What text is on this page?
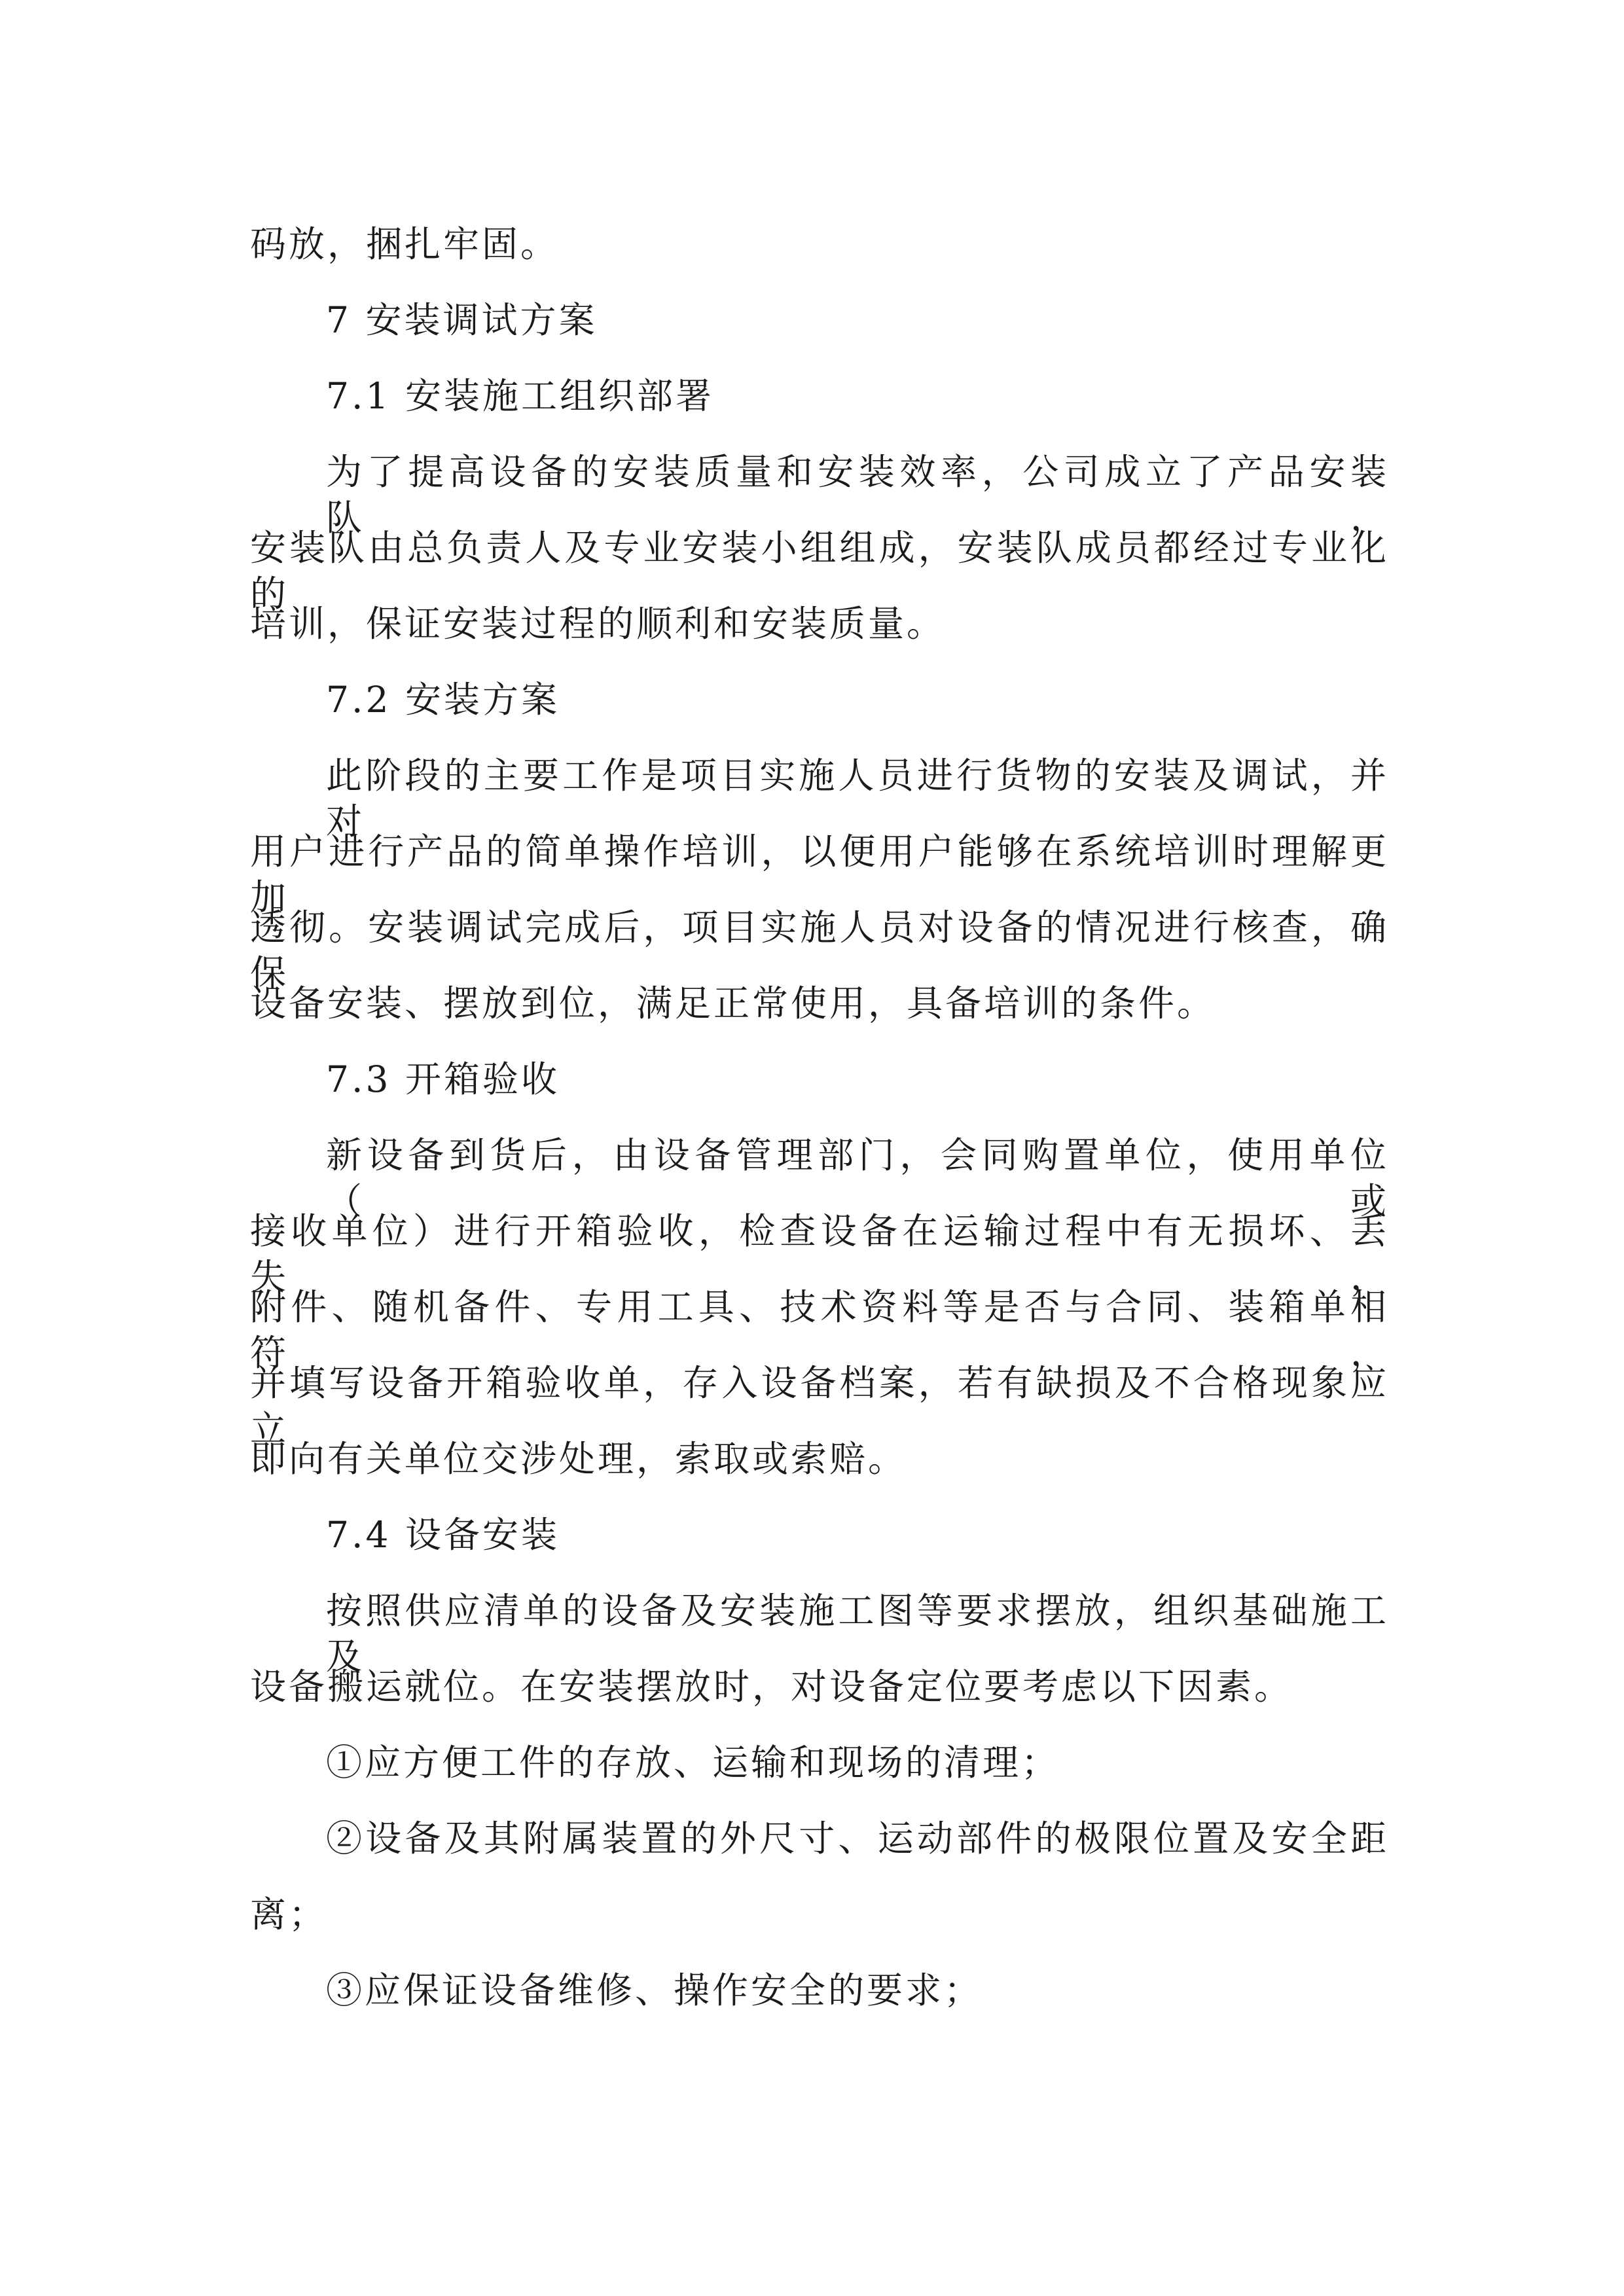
码放，捆扎牢固。
7 安装调试方案
7.1 安装施工组织部署
为了提高设备的安装质量和安装效率，公司成立了产品安装队，
安装队由总负责人及专业安装小组组成，安装队成员都经过专业化的
培训，保证安装过程的顺利和安装质量。
7.2 安装方案
此阶段的主要工作是项目实施人员进行货物的安装及调试，并对
用户进行产品的简单操作培训，以便用户能够在系统培训时理解更加
透彻。安装调试完成后，项目实施人员对设备的情况进行核查，确保
设备安装、摆放到位，满足正常使用，具备培训的条件。
7.3 开箱验收
新设备到货后，由设备管理部门，会同购置单位，使用单位（或
接收单位）进行开箱验收，检查设备在运输过程中有无损坏、丢失，
附件、随机备件、专用工具、技术资料等是否与合同、装箱单相符，
并填写设备开箱验收单，存入设备档案，若有缺损及不合格现象应立
即向有关单位交涉处理，索取或索赔。
7.4 设备安装
按照供应清单的设备及安装施工图等要求摆放，组织基础施工及
设备搬运就位。在安装摆放时，对设备定位要考虑以下因素。
①应方便工件的存放、运输和现场的清理；
②设备及其附属装置的外尺寸、运动部件的极限位置及安全距
离；
③应保证设备维修、操作安全的要求；
